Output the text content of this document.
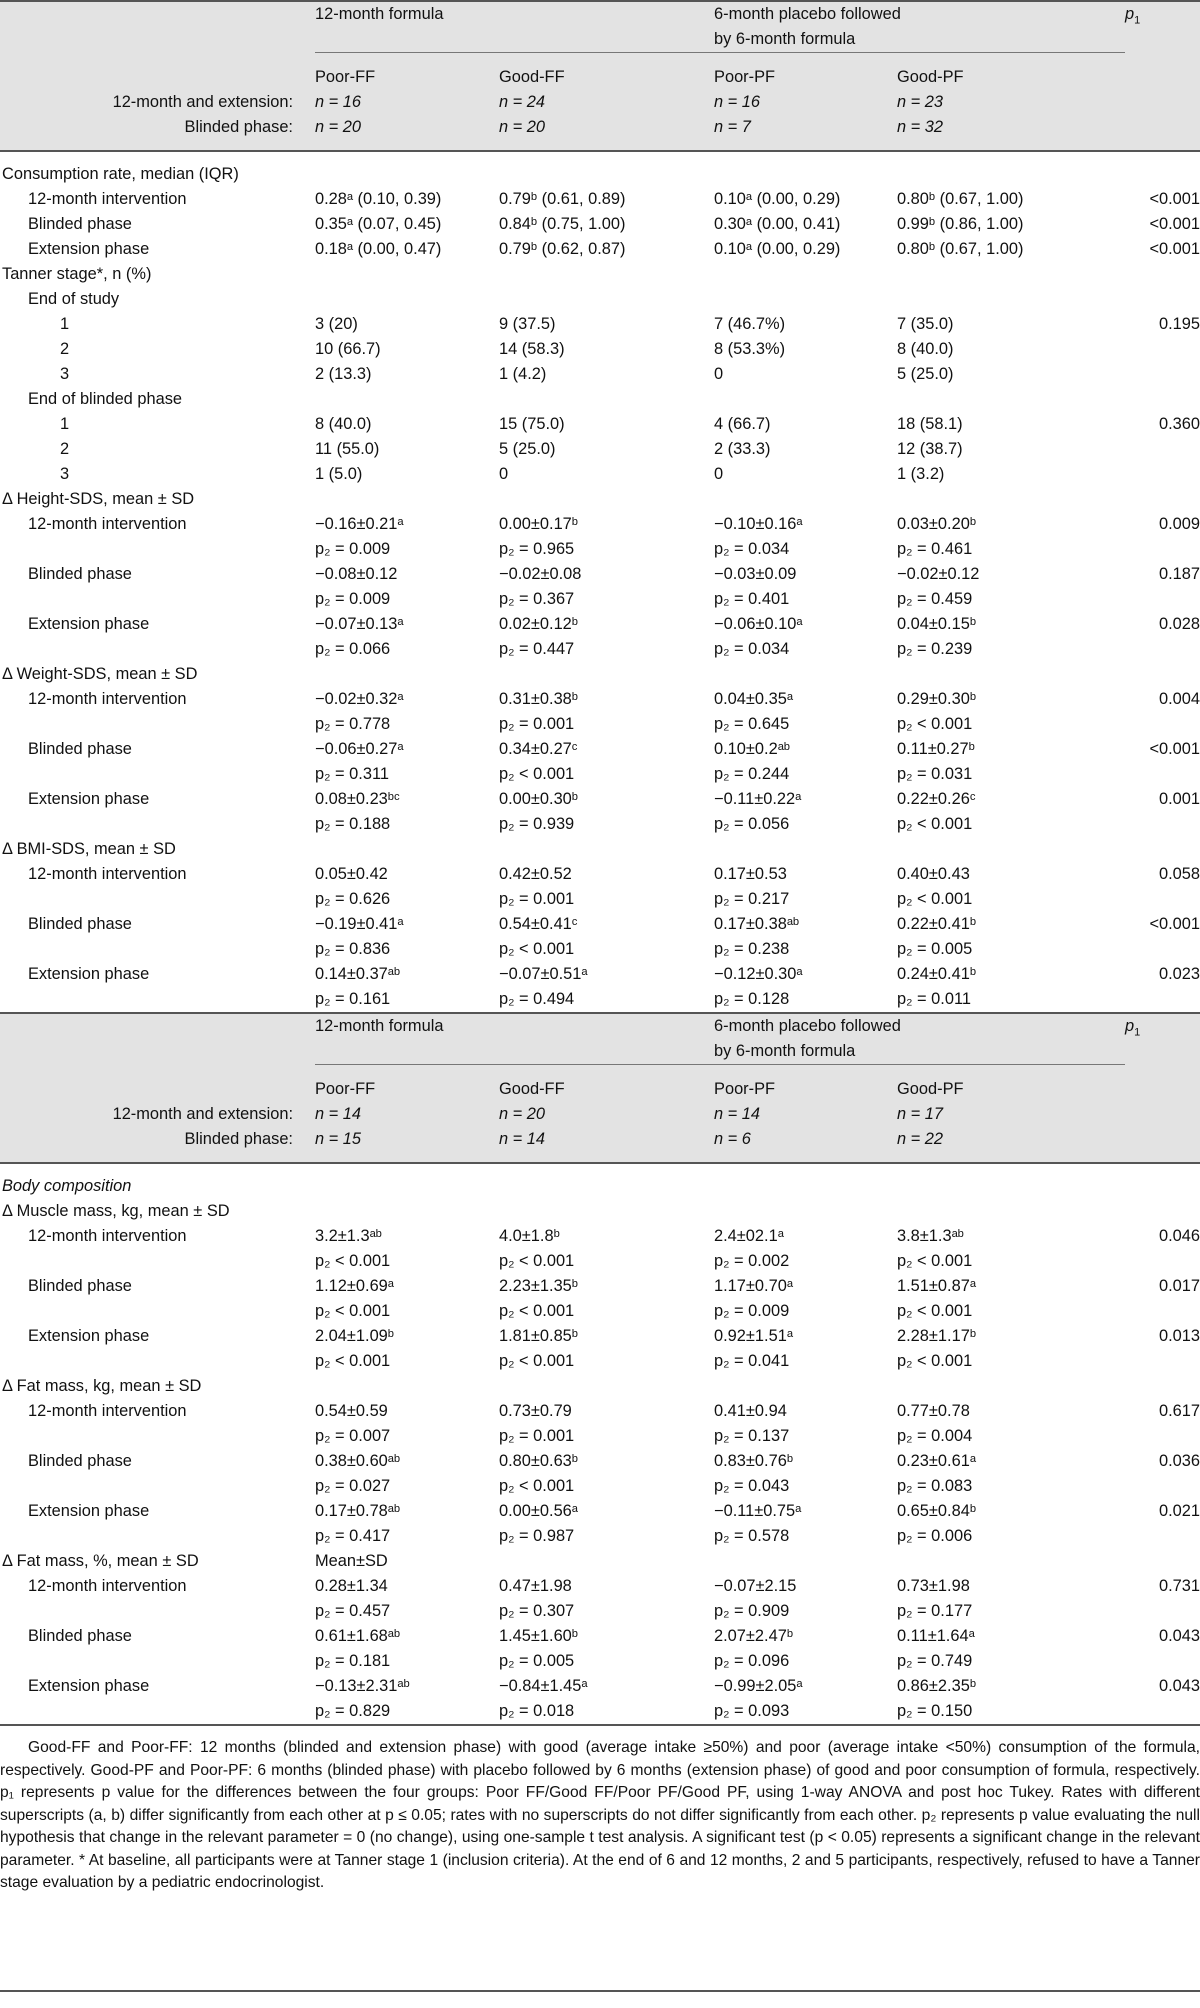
	12-month formula		6-month placebo followed		$p_1$
			by 6-month formula		

	Poor-FF	Good-FF	Poor-PF	Good-PF	
12-month and extension:	n = 16	n = 24	n = 16	n = 23	
Blinded phase:	n = 20	n = 20	n = 7	n = 32	
Consumption rate, median (IQR)					
12-month intervention	0.28ᵃ (0.10, 0.39)	0.79ᵇ (0.61, 0.89)	0.10ᵃ (0.00, 0.29)	0.80ᵇ (0.67, 1.00)	<0.001
Blinded phase	0.35ᵃ (0.07, 0.45)	0.84ᵇ (0.75, 1.00)	0.30ᵃ (0.00, 0.41)	0.99ᵇ (0.86, 1.00)	<0.001
Extension phase	0.18ᵃ (0.00, 0.47)	0.79ᵇ (0.62, 0.87)	0.10ᵃ (0.00, 0.29)	0.80ᵇ (0.67, 1.00)	<0.001
Tanner stage*, n (%)					
End of study					
1	3 (20)	9 (37.5)	7 (46.7%)	7 (35.0)	0.195
2	10 (66.7)	14 (58.3)	8 (53.3%)	8 (40.0)	
3	2 (13.3)	1 (4.2)	0	5 (25.0)	
End of blinded phase					
1	8 (40.0)	15 (75.0)	4 (66.7)	18 (58.1)	0.360
2	11 (55.0)	5 (25.0)	2 (33.3)	12 (38.7)	
3	1 (5.0)	0	0	1 (3.2)	
Δ Height-SDS, mean ± SD					
12-month intervention	−0.16±0.21ᵃ	0.00±0.17ᵇ	−0.10±0.16ᵃ	0.03±0.20ᵇ	0.009
	p₂ = 0.009	p₂ = 0.965	p₂ = 0.034	p₂ = 0.461	
Blinded phase	−0.08±0.12	−0.02±0.08	−0.03±0.09	−0.02±0.12	0.187
	p₂ = 0.009	p₂ = 0.367	p₂ = 0.401	p₂ = 0.459	
Extension phase	−0.07±0.13ᵃ	0.02±0.12ᵇ	−0.06±0.10ᵃ	0.04±0.15ᵇ	0.028
	p₂ = 0.066	p₂ = 0.447	p₂ = 0.034	p₂ = 0.239	
Δ Weight-SDS, mean ± SD					
12-month intervention	−0.02±0.32ᵃ	0.31±0.38ᵇ	0.04±0.35ᵃ	0.29±0.30ᵇ	0.004
	p₂ = 0.778	p₂ = 0.001	p₂ = 0.645	p₂ < 0.001	
Blinded phase	−0.06±0.27ᵃ	0.34±0.27ᶜ	0.10±0.2ᵃᵇ	0.11±0.27ᵇ	<0.001
	p₂ = 0.311	p₂ < 0.001	p₂ = 0.244	p₂ = 0.031	
Extension phase	0.08±0.23ᵇᶜ	0.00±0.30ᵇ	−0.11±0.22ᵃ	0.22±0.26ᶜ	0.001
	p₂ = 0.188	p₂ = 0.939	p₂ = 0.056	p₂ < 0.001	
Δ BMI-SDS, mean ± SD					
12-month intervention	0.05±0.42	0.42±0.52	0.17±0.53	0.40±0.43	0.058
	p₂ = 0.626	p₂ = 0.001	p₂ = 0.217	p₂ < 0.001	
Blinded phase	−0.19±0.41ᵃ	0.54±0.41ᶜ	0.17±0.38ᵃᵇ	0.22±0.41ᵇ	<0.001
	p₂ = 0.836	p₂ < 0.001	p₂ = 0.238	p₂ = 0.005	
Extension phase	0.14±0.37ᵃᵇ	−0.07±0.51ᵃ	−0.12±0.30ᵃ	0.24±0.41ᵇ	0.023
	p₂ = 0.161	p₂ = 0.494	p₂ = 0.128	p₂ = 0.011	
	12-month formula		6-month placebo followed		$p_1$
			by 6-month formula		

	Poor-FF	Good-FF	Poor-PF	Good-PF	
12-month and extension:	n = 14	n = 20	n = 14	n = 17	
Blinded phase:	n = 15	n = 14	n = 6	n = 22	
Body composition					
Δ Muscle mass, kg, mean ± SD					
12-month intervention	3.2±1.3ᵃᵇ	4.0±1.8ᵇ	2.4±02.1ᵃ	3.8±1.3ᵃᵇ	0.046
	p₂ < 0.001	p₂ < 0.001	p₂ = 0.002	p₂ < 0.001	
Blinded phase	1.12±0.69ᵃ	2.23±1.35ᵇ	1.17±0.70ᵃ	1.51±0.87ᵃ	0.017
	p₂ < 0.001	p₂ < 0.001	p₂ = 0.009	p₂ < 0.001	
Extension phase	2.04±1.09ᵇ	1.81±0.85ᵇ	0.92±1.51ᵃ	2.28±1.17ᵇ	0.013
	p₂ < 0.001	p₂ < 0.001	p₂ = 0.041	p₂ < 0.001	
Δ Fat mass, kg, mean ± SD					
12-month intervention	0.54±0.59	0.73±0.79	0.41±0.94	0.77±0.78	0.617
	p₂ = 0.007	p₂ = 0.001	p₂ = 0.137	p₂ = 0.004	
Blinded phase	0.38±0.60ᵃᵇ	0.80±0.63ᵇ	0.83±0.76ᵇ	0.23±0.61ᵃ	0.036
	p₂ = 0.027	p₂ < 0.001	p₂ = 0.043	p₂ = 0.083	
Extension phase	0.17±0.78ᵃᵇ	0.00±0.56ᵃ	−0.11±0.75ᵃ	0.65±0.84ᵇ	0.021
	p₂ = 0.417	p₂ = 0.987	p₂ = 0.578	p₂ = 0.006	
Δ Fat mass, %, mean ± SD	Mean±SD				
12-month intervention	0.28±1.34	0.47±1.98	−0.07±2.15	0.73±1.98	0.731
	p₂ = 0.457	p₂ = 0.307	p₂ = 0.909	p₂ = 0.177	
Blinded phase	0.61±1.68ᵃᵇ	1.45±1.60ᵇ	2.07±2.47ᵇ	0.11±1.64ᵃ	0.043
	p₂ = 0.181	p₂ = 0.005	p₂ = 0.096	p₂ = 0.749	
Extension phase	−0.13±2.31ᵃᵇ	−0.84±1.45ᵃ	−0.99±2.05ᵃ	0.86±2.35ᵇ	0.043
	p₂ = 0.829	p₂ = 0.018	p₂ = 0.093	p₂ = 0.150	

Good-FF and Poor-FF: 12 months (blinded and extension phase) with good (average intake ≥50%) and poor (average intake <50%) consumption of the formula, respectively. Good-PF and Poor-PF: 6 months (blinded phase) with placebo followed by 6 months (extension phase) of good and poor consumption of formula, respectively. p₁ represents p value for the differences between the four groups: Poor FF/Good FF/Poor PF/Good PF, using 1-way ANOVA and post hoc Tukey. Rates with different superscripts (a, b) differ significantly from each other at p ≤ 0.05; rates with no superscripts do not differ significantly from each other. p₂ represents p value evaluating the null hypothesis that change in the relevant parameter = 0 (no change), using one-sample t test analysis. A significant test (p < 0.05) represents a significant change in the relevant parameter. * At baseline, all participants were at Tanner stage 1 (inclusion criteria). At the end of 6 and 12 months, 2 and 5 participants, respectively, refused to have a Tanner stage evaluation by a pediatric endocrinologist.
